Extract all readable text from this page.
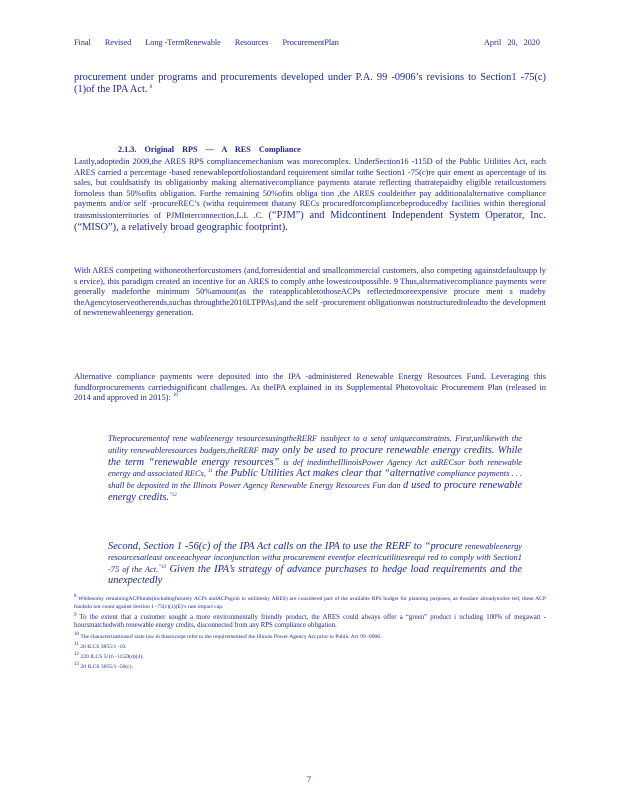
Final Revised Long -TermRenewable Resources ProcurementPlan	April 20, 2020
procurement under programs and procurements developed under P.A. 99 -0906’s revisions to Section1 -75(c)(1)of the IPA Act. $^8$
2.1.3. Original RPS — A RES Compliance
Lastly,adoptedin 2009,the ARES RPS compliancemechanism was morecomplex. UnderSection16 -115D of the Public Utilities Act, each ARES carried a percentage -based renewableportfoliostandard requirement similar tothe Section1 -75(c)re quir ement as apercentage of its sales, but couldsatisfy its obligationby making alternativecompliance payments atarate reflecting thatratepaidby eligible retailcustomers fornoless than 50%ofits obligation. Forthe remaining 50%ofits obliga tion ,the ARES couldeither pay additionalalternative compliance payments and/or self -procureREC’s (witha requirement thatany RECs procuredforcompliancebeproducedby facilities within theregional transmissionterritories of PJMInterconnection,L.L .C. (“PJM”) and Midcontinent Independent System Operator, Inc. (“MISO”), a relatively broad geographic footprint).
With ARES competing withoneotherforcustomers (and,forresidential and smallcommercial customers, also competing againstdefaultsupp ly s ervice), this paradigm created an incentive for an ARES to comply atthe lowestcostpossible. 9 Thus,alternativecompliance payments were generally madeforthe minimum 50%amount(as the rateapplicabletothoseACPs reflectedmoreexpensive procure ment s madeby theAgencytoserveotherends,suchas throughthe2010LTPPAs),and the self -procurement obligationwas notstructuredtoleadto the development of newrenewableenergy generation.
Alternative compliance payments were deposited into the IPA -administered Renewable Energy Resources Fund. Leveraging this fundforprocurements carriedsignificant challenges. As theIPA explained in its Supplemental Photovoltaic Procurement Plan (released in 2014 and approved in 2015): $^{10}$
Theprocurementof rene wableenergy resourcesusingtheRERF issubject to a setof uniqueconstraints. First,unlikewith the utility renewableresources budgets,theRERF may only be used to procure renewable energy credits. While the term “renewable energy resources” is def inedintheIllinoisPower Agency Act asRECsor both renewable energy and associated RECs, $^{11}$ the Public Utilities Act makes clear that “alternative compliance payments . . . shall be deposited in the Illinois Power Agency Renewable Energy Resources Fun dan d used to procure renewable energy credits.$^{”12}$
Second, Section 1 -56(c) of the IPA Act calls on the IPA to use the RERF to “procure renewableenergy resourcesatleast onceeachyear inconjunction witha procurement eventfor electricutilitiesrequi red to comply with Section1 -75 of the Act.$^{”13}$ Given the IPA’s strategy of advance purchases to hedge load requirements and the unexpectedly
$^8$ Whilesomy remainingACPfunds(includingfuturely ACPs andACPsgoin to utilitiesby ARES) are considered part of the available RPS budget for planning purposes, as thosdare alreadynollec ted, these ACP fundsdo not count against Section 1 -75(c)(1)(E)’s rate impact cap.
$^9$ To the extent that a customer sought a more environmentally friendly product, the ARES could always offer a “green” product i ncluding 100% of megawatt -hoursmatchedwith renewable energy credits, disconnected from any RPS compliance obligation.
$^{10}$ The characterizationsof state law in thisexcerpt refer to the requirementsof the Illinois Power Agency Act prior to Public Act 99 -0906.
$^{11}$ 20 ILCS 3855/1 -10.
$^{12}$ 220 ILCS 5/16 -115D(d)(4).
$^{13}$ 20 ILCS 3855/1 -56(c).
7
